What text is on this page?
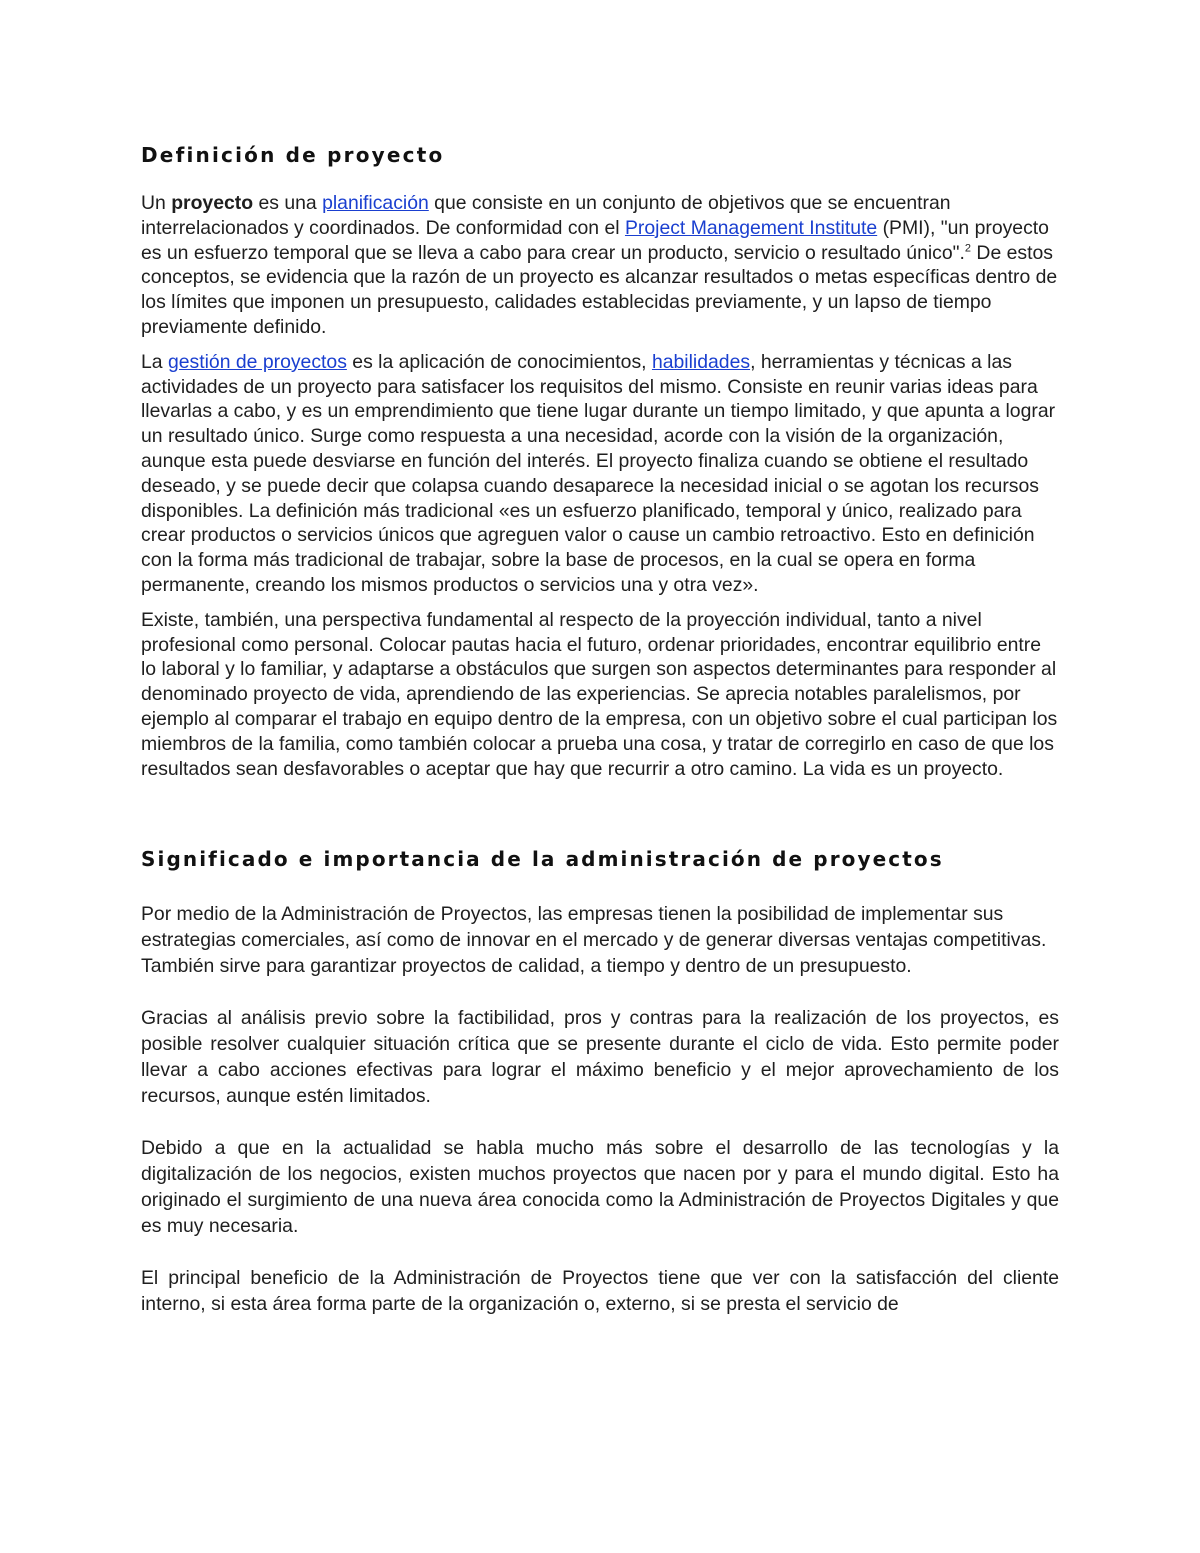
Definición de proyecto

Un proyecto es una planificación que consiste en un conjunto de objetivos que se encuentran interrelacionados y coordinados. De conformidad con el Project Management Institute (PMI), "un proyecto es un esfuerzo temporal que se lleva a cabo para crear un producto, servicio o resultado único".$^2$ De estos conceptos, se evidencia que la razón de un proyecto es alcanzar resultados o metas específicas dentro de los límites que imponen un presupuesto, calidades establecidas previamente, y un lapso de tiempo previamente definido.

La gestión de proyectos es la aplicación de conocimientos, habilidades, herramientas y técnicas a las actividades de un proyecto para satisfacer los requisitos del mismo. Consiste en reunir varias ideas para llevarlas a cabo, y es un emprendimiento que tiene lugar durante un tiempo limitado, y que apunta a lograr un resultado único. Surge como respuesta a una necesidad, acorde con la visión de la organización, aunque esta puede desviarse en función del interés. El proyecto finaliza cuando se obtiene el resultado deseado, y se puede decir que colapsa cuando desaparece la necesidad inicial o se agotan los recursos disponibles. La definición más tradicional «es un esfuerzo planificado, temporal y único, realizado para crear productos o servicios únicos que agreguen valor o cause un cambio retroactivo. Esto en definición con la forma más tradicional de trabajar, sobre la base de procesos, en la cual se opera en forma permanente, creando los mismos productos o servicios una y otra vez».

Existe, también, una perspectiva fundamental al respecto de la proyección individual, tanto a nivel profesional como personal. Colocar pautas hacia el futuro, ordenar prioridades, encontrar equilibrio entre lo laboral y lo familiar, y adaptarse a obstáculos que surgen son aspectos determinantes para responder al denominado proyecto de vida, aprendiendo de las experiencias. Se aprecia notables paralelismos, por ejemplo al comparar el trabajo en equipo dentro de la empresa, con un objetivo sobre el cual participan los miembros de la familia, como también colocar a prueba una cosa, y tratar de corregirlo en caso de que los resultados sean desfavorables o aceptar que hay que recurrir a otro camino. La vida es un proyecto.

Significado e importancia de la administración de proyectos

Por medio de la Administración de Proyectos, las empresas tienen la posibilidad de implementar sus estrategias comerciales, así como de innovar en el mercado y de generar diversas ventajas competitivas. También sirve para garantizar proyectos de calidad, a tiempo y dentro de un presupuesto.

Gracias al análisis previo sobre la factibilidad, pros y contras para la realización de los proyectos, es posible resolver cualquier situación crítica que se presente durante el ciclo de vida. Esto permite poder llevar a cabo acciones efectivas para lograr el máximo beneficio y el mejor aprovechamiento de los recursos, aunque estén limitados.

Debido a que en la actualidad se habla mucho más sobre el desarrollo de las tecnologías y la digitalización de los negocios, existen muchos proyectos que nacen por y para el mundo digital. Esto ha originado el surgimiento de una nueva área conocida como la Administración de Proyectos Digitales y que es muy necesaria.

El principal beneficio de la Administración de Proyectos tiene que ver con la satisfacción del cliente interno, si esta área forma parte de la organización o, externo, si se presta el servicio de
